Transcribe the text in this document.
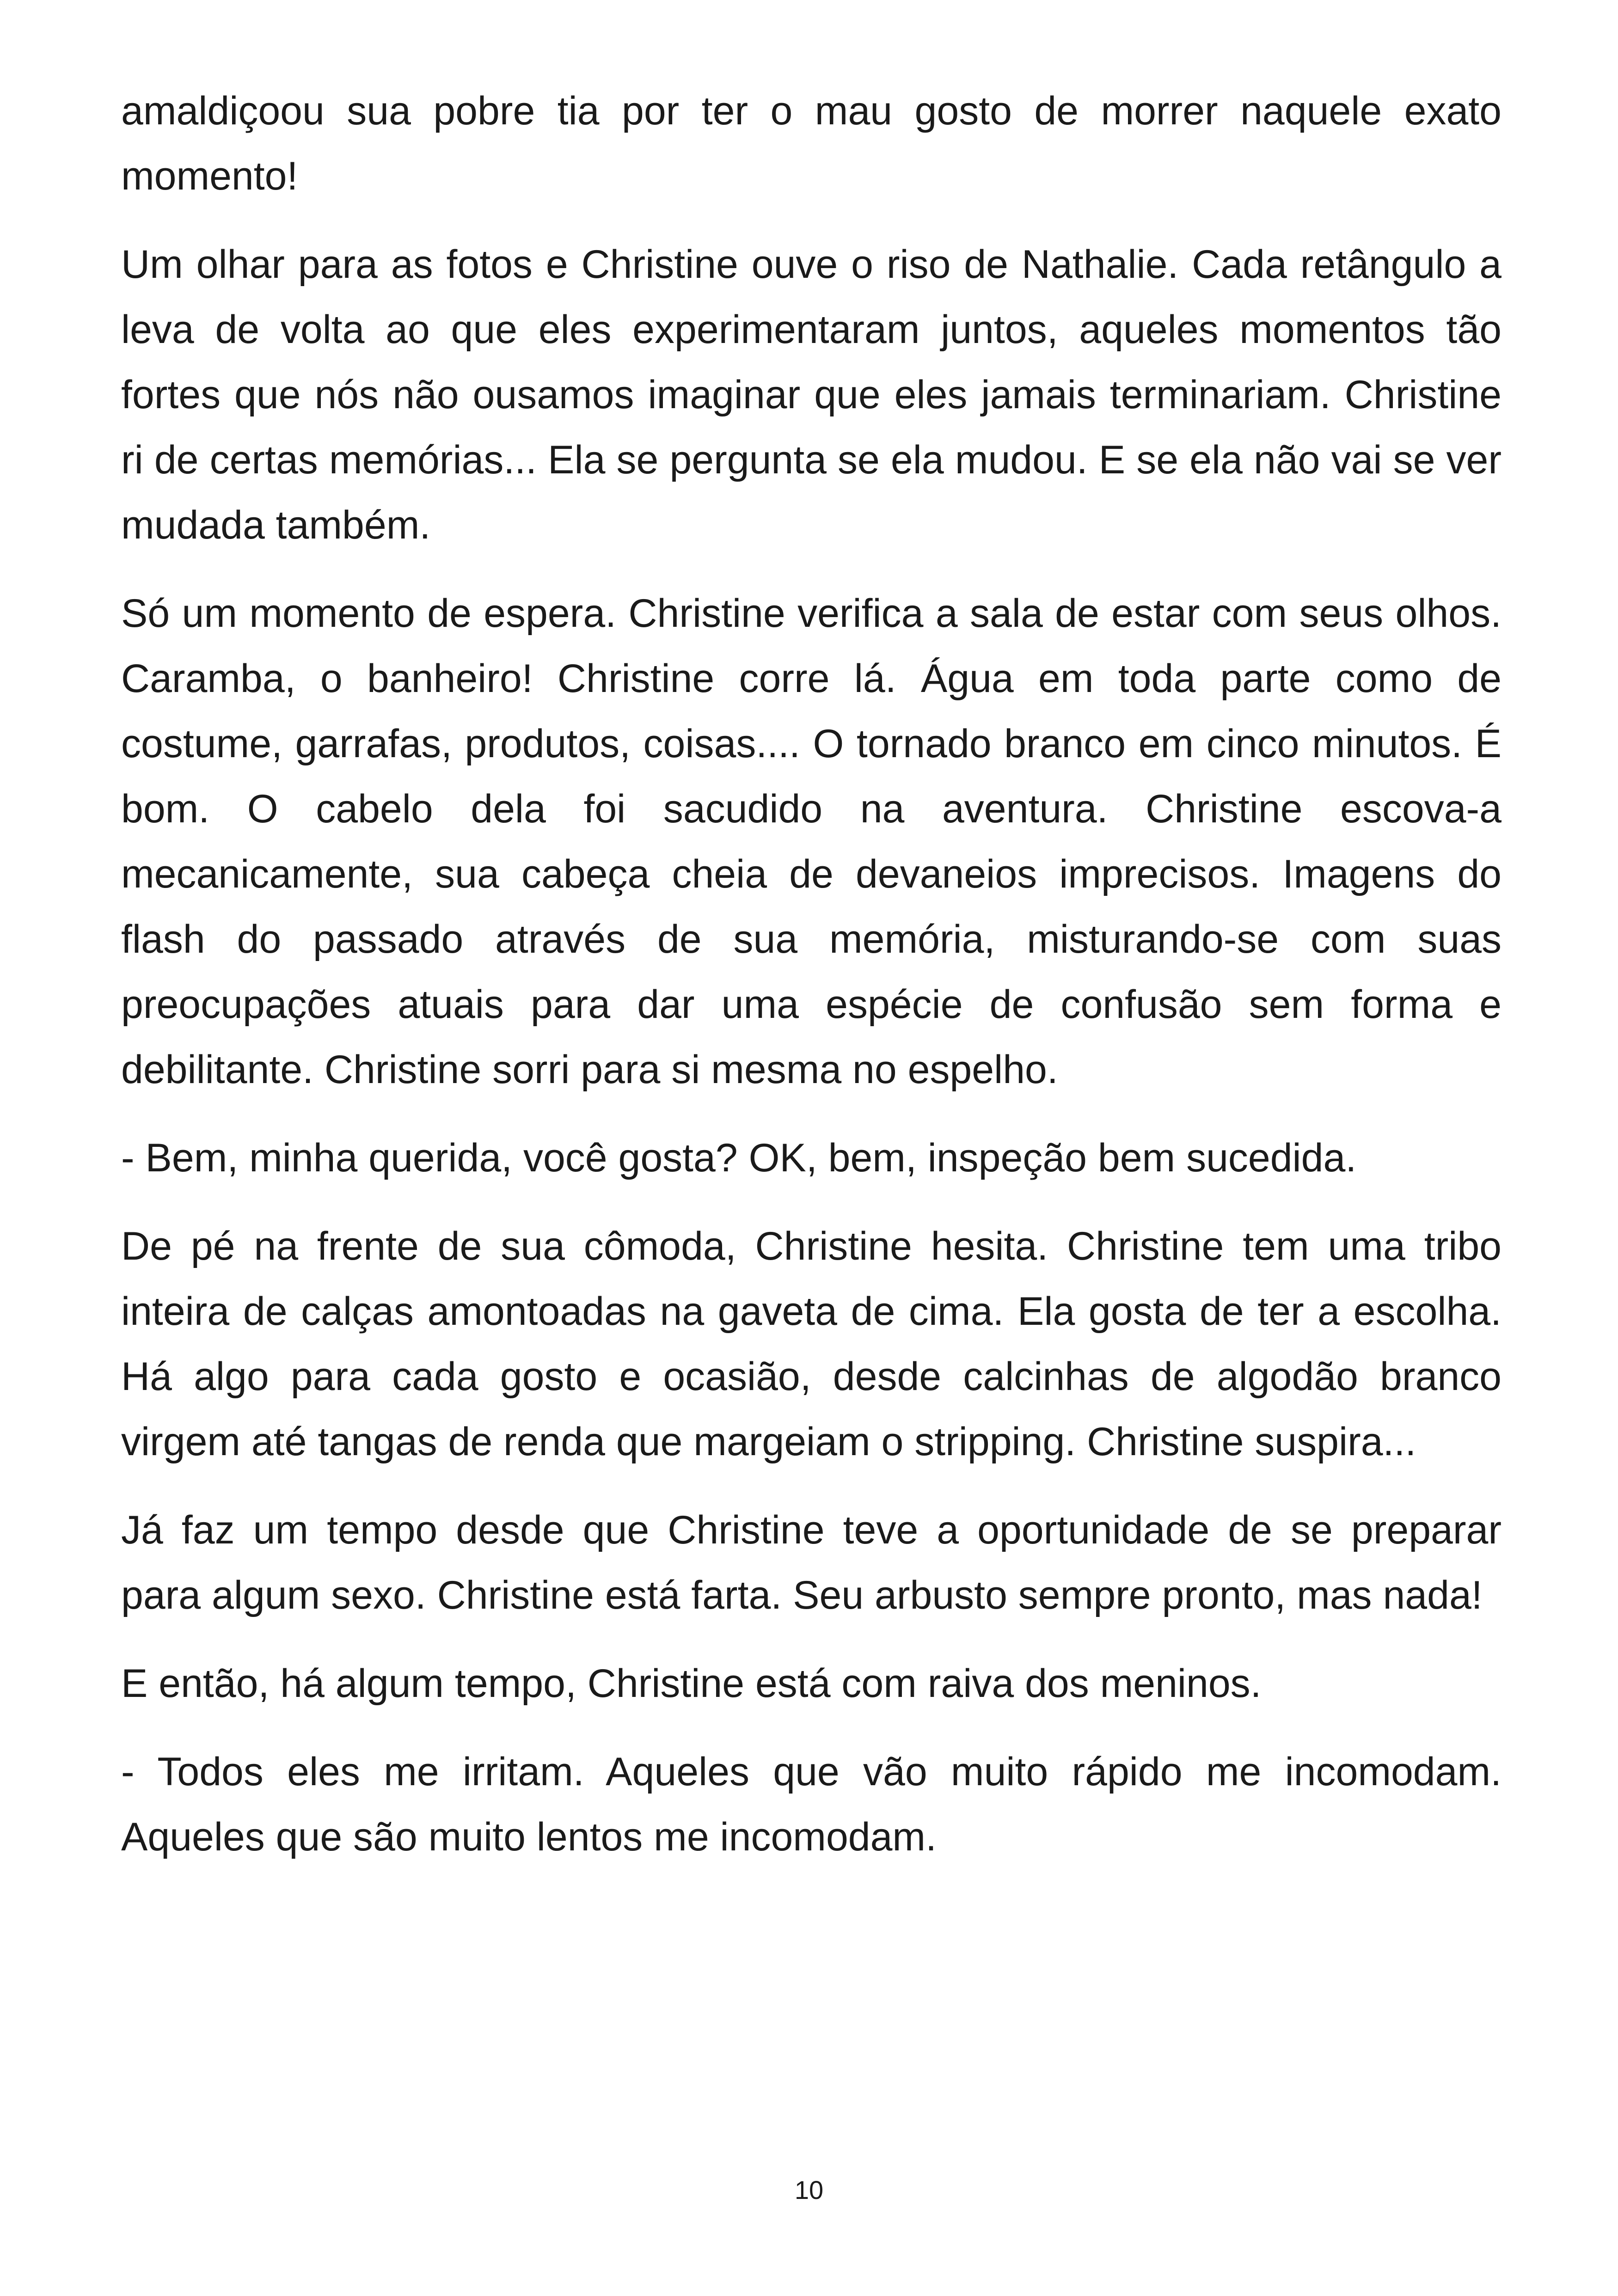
amaldiçoou sua pobre tia por ter o mau gosto de morrer naquele exato momento!

Um olhar para as fotos e Christine ouve o riso de Nathalie. Cada retângulo a leva de volta ao que eles experimentaram juntos, aqueles momentos tão fortes que nós não ousamos imaginar que eles jamais terminariam. Christine ri de certas memórias... Ela se pergunta se ela mudou. E se ela não vai se ver mudada também.

Só um momento de espera. Christine verifica a sala de estar com seus olhos. Caramba, o banheiro! Christine corre lá. Água em toda parte como de costume, garrafas, produtos, coisas.... O tornado branco em cinco minutos. É bom. O cabelo dela foi sacudido na aventura. Christine escova-a mecanicamente, sua cabeça cheia de devaneios imprecisos. Imagens do flash do passado através de sua memória, misturando-se com suas preocupações atuais para dar uma espécie de confusão sem forma e debilitante. Christine sorri para si mesma no espelho.

- Bem, minha querida, você gosta? OK, bem, inspeção bem sucedida.

De pé na frente de sua cômoda, Christine hesita. Christine tem uma tribo inteira de calças amontoadas na gaveta de cima. Ela gosta de ter a escolha. Há algo para cada gosto e ocasião, desde calcinhas de algodão branco virgem até tangas de renda que margeiam o stripping. Christine suspira...

Já faz um tempo desde que Christine teve a oportunidade de se preparar para algum sexo. Christine está farta. Seu arbusto sempre pronto, mas nada!

E então, há algum tempo, Christine está com raiva dos meninos.

- Todos eles me irritam. Aqueles que vão muito rápido me incomodam. Aqueles que são muito lentos me incomodam.

10
